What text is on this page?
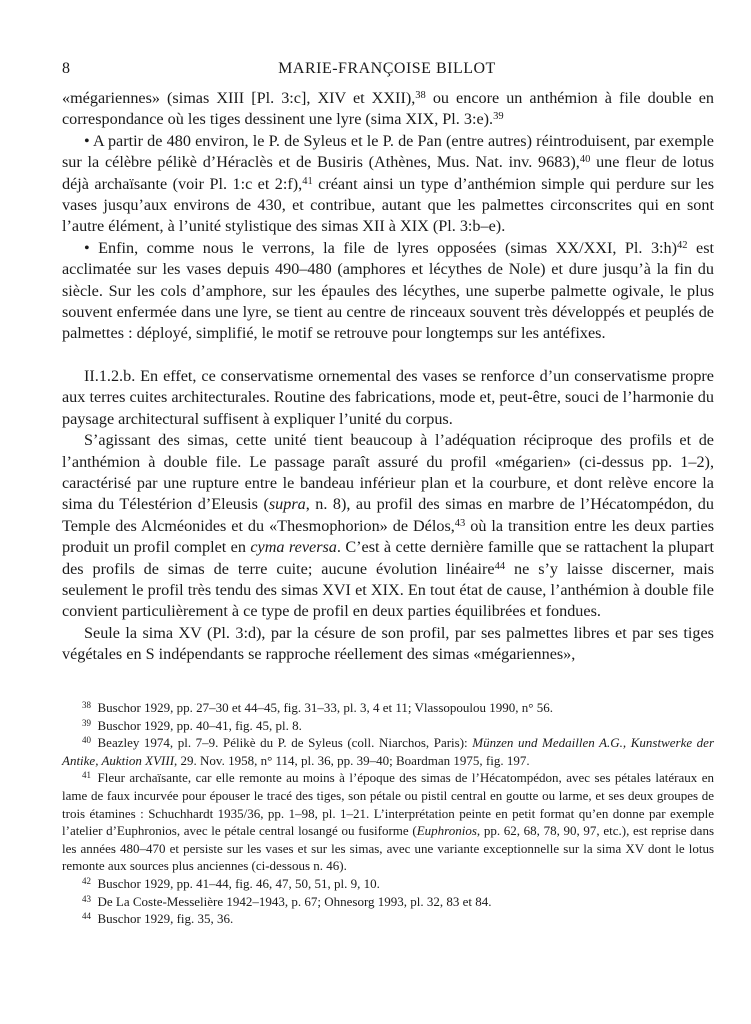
8	MARIE-FRANÇOISE BILLOT

«mégariennes» (simas XIII [Pl. 3:c], XIV et XXII),$^{38}$ ou encore un anthémion à file double en correspondance où les tiges dessinent une lyre (sima XIX, Pl. 3:e).$^{39}$

• A partir de 480 environ, le P. de Syleus et le P. de Pan (entre autres) réintroduisent, par exemple sur la célèbre pélikè d’Héraclès et de Busiris (Athènes, Mus. Nat. inv. 9683),$^{40}$ une fleur de lotus déjà archaïsante (voir Pl. 1:c et 2:f),$^{41}$ créant ainsi un type d’anthémion simple qui perdure sur les vases jusqu’aux environs de 430, et contribue, autant que les palmettes circonscrites qui en sont l’autre élément, à l’unité stylistique des simas XII à XIX (Pl. 3:b–e).

• Enfin, comme nous le verrons, la file de lyres opposées (simas XX/XXI, Pl. 3:h)$^{42}$ est acclimatée sur les vases depuis 490–480 (amphores et lécythes de Nole) et dure jusqu’à la fin du siècle. Sur les cols d’amphore, sur les épaules des lécythes, une superbe palmette ogivale, le plus souvent enfermée dans une lyre, se tient au centre de rinceaux souvent très développés et peuplés de palmettes : déployé, simplifié, le motif se retrouve pour longtemps sur les antéfixes.

II.1.2.b. En effet, ce conservatisme ornemental des vases se renforce d’un conservatisme propre aux terres cuites architecturales. Routine des fabrications, mode et, peut-être, souci de l’harmonie du paysage architectural suffisent à expliquer l’unité du corpus.

S’agissant des simas, cette unité tient beaucoup à l’adéquation réciproque des profils et de l’anthémion à double file. Le passage paraît assuré du profil «mégarien» (ci-dessus pp. 1–2), caractérisé par une rupture entre le bandeau inférieur plan et la courbure, et dont relève encore la sima du Télestérion d’Eleusis (supra, n. 8), au profil des simas en marbre de l’Hécatompédon, du Temple des Alcméonides et du «Thesmophorion» de Délos,$^{43}$ où la transition entre les deux parties produit un profil complet en cyma reversa. C’est à cette dernière famille que se rattachent la plupart des profils de simas de terre cuite; aucune évolution linéaire$^{44}$ ne s’y laisse discerner, mais seulement le profil très tendu des simas XVI et XIX. En tout état de cause, l’anthémion à double file convient particulièrement à ce type de profil en deux parties équilibrées et fondues.

Seule la sima XV (Pl. 3:d), par la césure de son profil, par ses palmettes libres et par ses tiges végétales en S indépendants se rapproche réellement des simas «mégariennes»,

$^{38}$  Buschor 1929, pp. 27–30 et 44–45, fig. 31–33, pl. 3, 4 et 11; Vlassopoulou 1990, n° 56.

$^{39}$  Buschor 1929, pp. 40–41, fig. 45, pl. 8.

$^{40}$  Beazley 1974, pl. 7–9. Pélikè du P. de Syleus (coll. Niarchos, Paris): Münzen und Medaillen A.G., Kunstwerke der Antike, Auktion XVIII, 29. Nov. 1958, n° 114, pl. 36, pp. 39–40; Boardman 1975, fig. 197.

$^{41}$  Fleur archaïsante, car elle remonte au moins à l’époque des simas de l’Hécatompédon, avec ses pétales latéraux en lame de faux incurvée pour épouser le tracé des tiges, son pétale ou pistil central en goutte ou larme, et ses deux groupes de trois étamines : Schuchhardt 1935/36, pp. 1–98, pl. 1–21. L’interprétation peinte en petit format qu’en donne par exemple l’atelier d’Euphronios, avec le pétale central losangé ou fusiforme (Euphronios, pp. 62, 68, 78, 90, 97, etc.), est reprise dans les années 480–470 et persiste sur les vases et sur les simas, avec une variante exceptionnelle sur la sima XV dont le lotus remonte aux sources plus anciennes (ci-dessous n. 46).

$^{42}$  Buschor 1929, pp. 41–44, fig. 46, 47, 50, 51, pl. 9, 10.

$^{43}$  De La Coste-Messelière 1942–1943, p. 67; Ohnesorg 1993, pl. 32, 83 et 84.

$^{44}$  Buschor 1929, fig. 35, 36.
